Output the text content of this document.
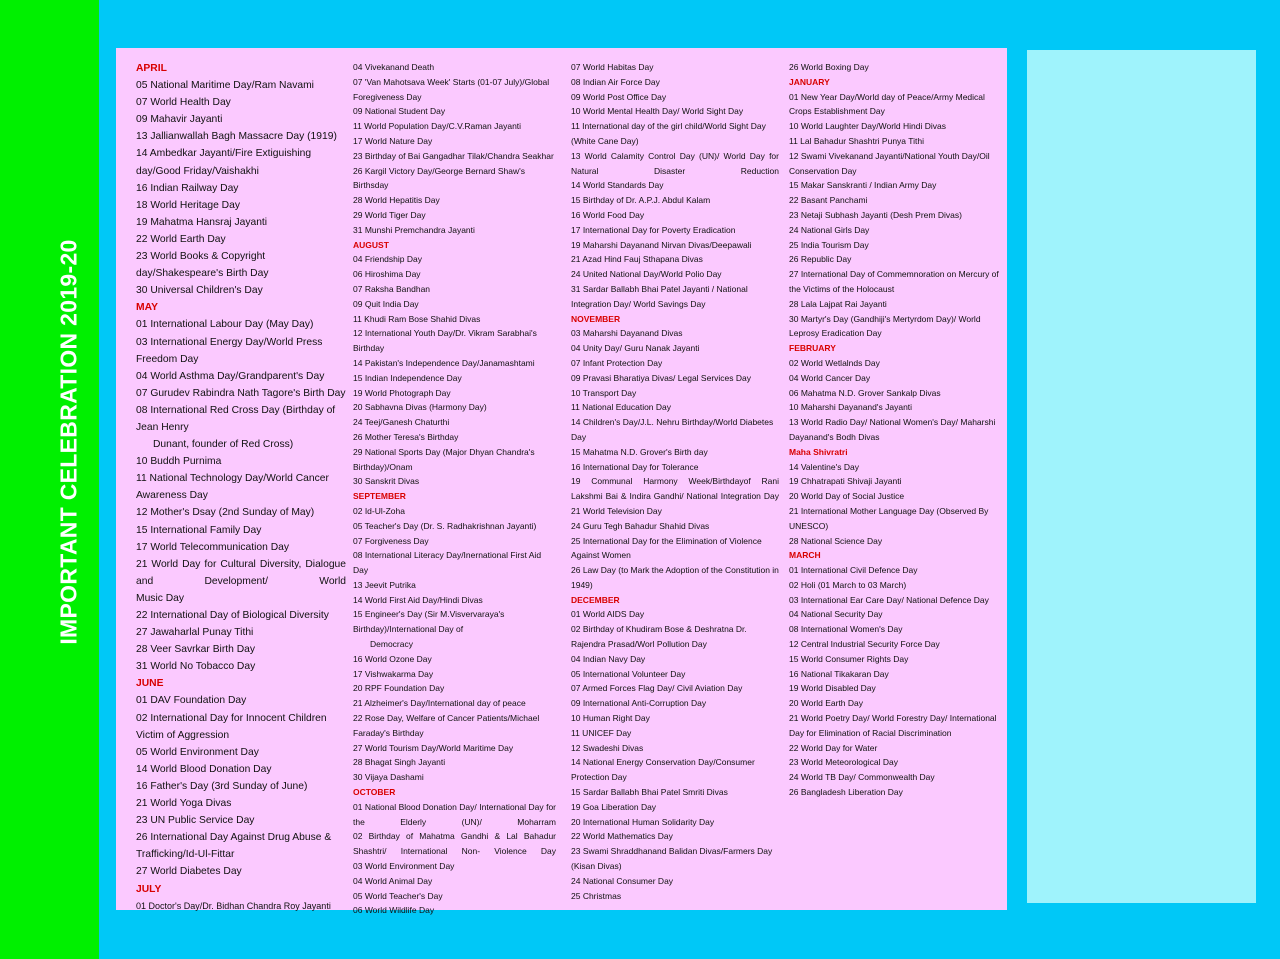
IMPORTANT CELEBRATION 2019-20
APRIL
05 National Maritime Day/Ram Navami
07 World Health Day
09 Mahavir Jayanti
13 Jallianwallah Bagh Massacre Day (1919)
14 Ambedkar Jayanti/Fire Extiguishing day/Good Friday/Vaishakhi
16 Indian Railway Day
18 World Heritage Day
19 Mahatma Hansraj Jayanti
22 World Earth Day
23 World Books & Copyright day/Shakespeare's Birth Day
30 Universal Children's Day
MAY
01 International Labour Day (May Day)
03 International Energy Day/World Press Freedom Day
04 World Asthma Day/Grandparent's Day
07 Gurudev Rabindra Nath Tagore's Birth Day
08 International Red Cross Day (Birthday of Jean Henry
Dunant, founder of Red Cross)
10 Buddh Purnima
11 National Technology Day/World Cancer Awareness Day
12 Mother's Dsay (2nd Sunday of May)
15 International Family Day
17 World Telecommunication Day
21 World Day for Cultural Diversity, Dialogue and Development/ World
Music Day
22 International Day of Biological Diversity
27 Jawaharlal Punay Tithi
28 Veer Savrkar Birth Day
31 World No Tobacco Day
JUNE
01 DAV Foundation Day
02 International Day for Innocent Children Victim of Aggression
05 World Environment Day
14 World Blood Donation Day
16 Father's Day (3rd Sunday of June)
21 World Yoga Divas
23 UN Public Service Day
26 International Day Against Drug Abuse & Trafficking/Id-Ul-Fittar
27 World Diabetes Day
JULY
01 Doctor's Day/Dr. Bidhan Chandra Roy Jayanti
04 Vivekanand Death
07 'Van Mahotsava Week' Starts (01-07 July)/Global Foregiveness Day
09 National Student Day
11 World Population Day/C.V.Raman Jayanti
17 World Nature Day
23 Birthday of Bai Gangadhar Tilak/Chandra Seakhar
26 Kargil Victory Day/George Bernard Shaw's Birthsday
28 World Hepatitis Day
29 World Tiger Day
31 Munshi Premchandra Jayanti
AUGUST
04 Friendship Day
06 Hiroshima Day
07 Raksha Bandhan
09 Quit India Day
11 Khudi Ram Bose Shahid Divas
12 International Youth Day/Dr. Vikram Sarabhai's Birthday
14 Pakistan's Independence Day/Janamashtami
15 Indian Independence Day
19 World Photograph Day
20 Sabhavna Divas (Harmony Day)
24 Teej/Ganesh Chaturthi
26 Mother Teresa's Birthday
29 National Sports Day (Major Dhyan Chandra's Birthday)/Onam
30 Sanskrit Divas
SEPTEMBER
02 Id-Ul-Zoha
05 Teacher's Day (Dr. S. Radhakrishnan Jayanti)
07 Forgiveness Day
08 International Literacy Day/Inernational First Aid Day
13 Jeevit Putrika
14 World First Aid Day/Hindi Divas
15 Engineer's Day (Sir M.Visvervaraya's Birthday)/International Day of
Democracy
16 World Ozone Day
17 Vishwakarma Day
20 RPF Foundation Day
21 Alzheimer's Day/International day of peace
22 Rose Day, Welfare of Cancer Patients/Michael Faraday's Birthday
27 World Tourism Day/World Maritime Day
28 Bhagat Singh Jayanti
30 Vijaya Dashami
OCTOBER
01 National Blood Donation Day/ International Day for the Elderly (UN)/ Moharram
02 Birthday of Mahatma Gandhi & Lal Bahadur Shashtri/ International Non- Violence Day
03 World Environment Day
04 World Animal Day
05 World Teacher's Day
06 World Wildlife Day
07 World Habitas Day
08 Indian Air Force Day
09 World Post Office Day
10 World Mental Health Day/ World Sight Day
11 International day of the girl child/World Sight Day (White Cane Day)
13 World Calamity Control Day (UN)/ World Day for Natural Disaster Reduction
14 World Standards Day
15 Birthday of Dr. A.P.J. Abdul Kalam
16 World Food Day
17 International Day for Poverty Eradication
19 Maharshi Dayanand Nirvan Divas/Deepawali
21 Azad Hind Fauj Sthapana Divas
24 United National Day/World Polio Day
31 Sardar Ballabh Bhai Patel Jayanti / National Integration Day/ World Savings Day
NOVEMBER
03 Maharshi Dayanand Divas
04 Unity Day/ Guru Nanak Jayanti
07 Infant Protection Day
09 Pravasi Bharatiya Divas/ Legal Services Day
10 Transport Day
11 National Education Day
14 Children's Day/J.L. Nehru Birthday/World Diabetes Day
15 Mahatma N.D. Grover's Birth day
16 International Day for Tolerance
19 Communal Harmony Week/Birthdayof Rani Lakshmi Bai & Indira Gandhi/ National Integration Day
21 World Television Day
24 Guru Tegh Bahadur Shahid Divas
25 International Day for the Elimination of Violence Against Women
26 Law Day (to Mark the Adoption of the Constitution in 1949)
DECEMBER
01 World AIDS Day
02 Birthday of Khudiram Bose & Deshratna Dr. Rajendra Prasad/Worl Pollution Day
04 Indian Navy Day
05 International Volunteer Day
07 Armed Forces Flag Day/ Civil Aviation Day
09 International Anti-Corruption Day
10 Human Right Day
11 UNICEF Day
12 Swadeshi Divas
14 National Energy Conservation Day/Consumer Protection Day
15 Sardar Ballabh Bhai Patel Smriti Divas
19 Goa Liberation Day
20 International Human Solidarity Day
22 World Mathematics Day
23 Swami Shraddhanand Balidan Divas/Farmers Day (Kisan Divas)
24 National Consumer Day
25 Christmas
26 World Boxing Day
JANUARY
01 New Year Day/World day of Peace/Army Medical Crops Establishment Day
10 World Laughter Day/World Hindi Divas
11 Lal Bahadur Shashtri Punya Tithi
12 Swami Vivekanand Jayanti/National Youth Day/Oil Conservation Day
15 Makar Sanskranti / Indian Army Day
22 Basant Panchami
23 Netaji Subhash Jayanti (Desh Prem Divas)
24 National Girls Day
25 India Tourism Day
26 Republic Day
27 International Day of Commemnoration on Mercury of the Victims of the Holocaust
28 Lala Lajpat Rai Jayanti
30 Martyr's Day (Gandhiji's Mertyrdom Day)/ World Leprosy Eradication Day
FEBRUARY
02 World Wetlalnds Day
04 World Cancer Day
06 Mahatma N.D. Grover Sankalp Divas
10 Maharshi Dayanand's Jayanti
13 World Radio Day/ National Women's Day/ Maharshi Dayanand's Bodh Divas
Maha Shivratri
14 Valentine's Day
19 Chhatrapati Shivaji Jayanti
20 World Day of Social Justice
21 International Mother Language Day (Observed By UNESCO)
28 National Science Day
MARCH
01 International Civil Defence Day
02 Holi (01 March to 03 March)
03 International Ear Care Day/ National Defence Day
04 National Security Day
08 International Women's Day
12 Central Industrial Security Force Day
15 World Consumer Rights Day
16 National Tikakaran Day
19 World Disabled Day
20 World Earth Day
21 World Poetry Day/ World Forestry Day/ International Day for Elimination of Racial Discrimination
22 World Day for Water
23 World Meteorological Day
24 World TB Day/ Commonwealth Day
26 Bangladesh Liberation Day
